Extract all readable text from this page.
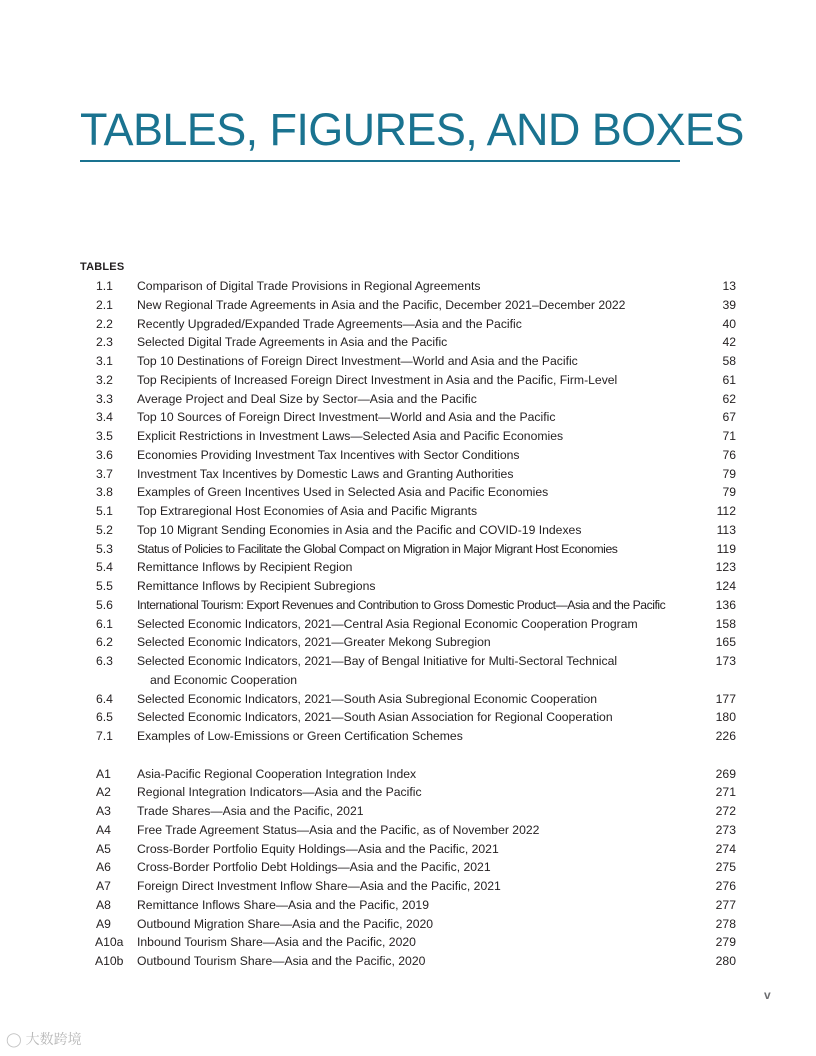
TABLES, FIGURES, AND BOXES
TABLES
1.1 Comparison of Digital Trade Provisions in Regional Agreements	13
2.1 New Regional Trade Agreements in Asia and the Pacific, December 2021–December 2022	39
2.2 Recently Upgraded/Expanded Trade Agreements—Asia and the Pacific	40
2.3 Selected Digital Trade Agreements in Asia and the Pacific	42
3.1 Top 10 Destinations of Foreign Direct Investment—World and Asia and the Pacific	58
3.2 Top Recipients of Increased Foreign Direct Investment in Asia and the Pacific, Firm-Level	61
3.3 Average Project and Deal Size by Sector—Asia and the Pacific	62
3.4 Top 10 Sources of Foreign Direct Investment—World and Asia and the Pacific	67
3.5 Explicit Restrictions in Investment Laws—Selected Asia and Pacific Economies	71
3.6 Economies Providing Investment Tax Incentives with Sector Conditions	76
3.7 Investment Tax Incentives by Domestic Laws and Granting Authorities	79
3.8 Examples of Green Incentives Used in Selected Asia and Pacific Economies	79
5.1 Top Extraregional Host Economies of Asia and Pacific Migrants	112
5.2 Top 10 Migrant Sending Economies in Asia and the Pacific and COVID-19 Indexes	113
5.3 Status of Policies to Facilitate the Global Compact on Migration in Major Migrant Host Economies	119
5.4 Remittance Inflows by Recipient Region	123
5.5 Remittance Inflows by Recipient Subregions	124
5.6 International Tourism: Export Revenues and Contribution to Gross Domestic Product—Asia and the Pacific	136
6.1 Selected Economic Indicators, 2021—Central Asia Regional Economic Cooperation Program	158
6.2 Selected Economic Indicators, 2021—Greater Mekong Subregion	165
6.3 Selected Economic Indicators, 2021—Bay of Bengal Initiative for Multi-Sectoral Technical	173
and Economic Cooperation
6.4 Selected Economic Indicators, 2021—South Asia Subregional Economic Cooperation	177
6.5 Selected Economic Indicators, 2021—South Asian Association for Regional Cooperation	180
7.1 Examples of Low-Emissions or Green Certification Schemes	226
A1 Asia-Pacific Regional Cooperation Integration Index	269
A2 Regional Integration Indicators—Asia and the Pacific	271
A3 Trade Shares—Asia and the Pacific, 2021	272
A4 Free Trade Agreement Status—Asia and the Pacific, as of November 2022	273
A5 Cross-Border Portfolio Equity Holdings—Asia and the Pacific, 2021	274
A6 Cross-Border Portfolio Debt Holdings—Asia and the Pacific, 2021	275
A7 Foreign Direct Investment Inflow Share—Asia and the Pacific, 2021	276
A8 Remittance Inflows Share—Asia and the Pacific, 2019	277
A9 Outbound Migration Share—Asia and the Pacific, 2020	278
A10a Inbound Tourism Share—Asia and the Pacific, 2020	279
A10b Outbound Tourism Share—Asia and the Pacific, 2020	280
v
◯ 大数跨境
